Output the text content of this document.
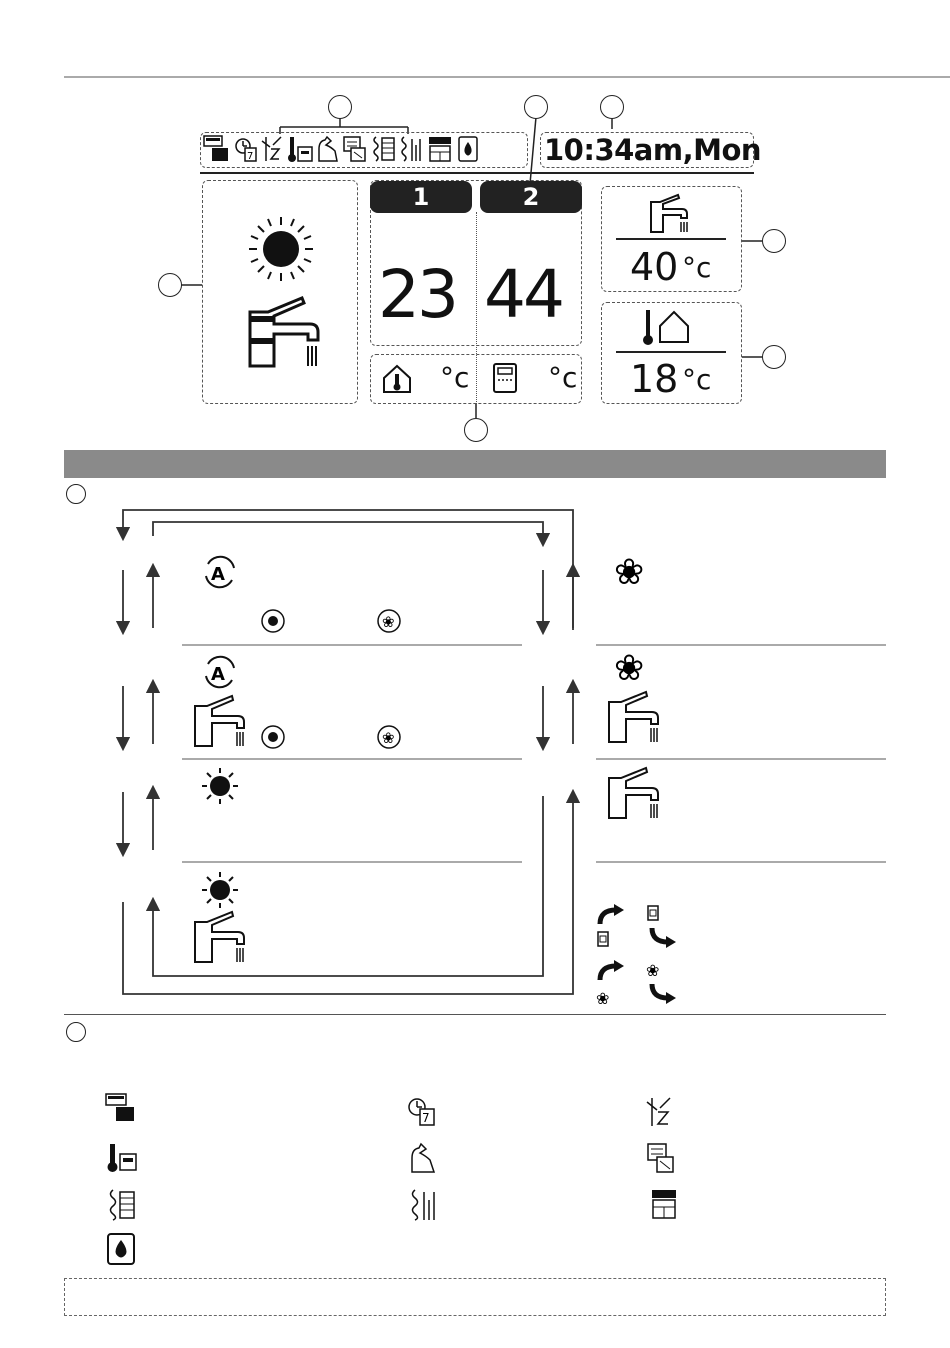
7	10:34am,Mon
1	2
23 44
°c	°c
40 °c
18 °c
A
❀
A
❀
❀
❀
❀
❀
7
